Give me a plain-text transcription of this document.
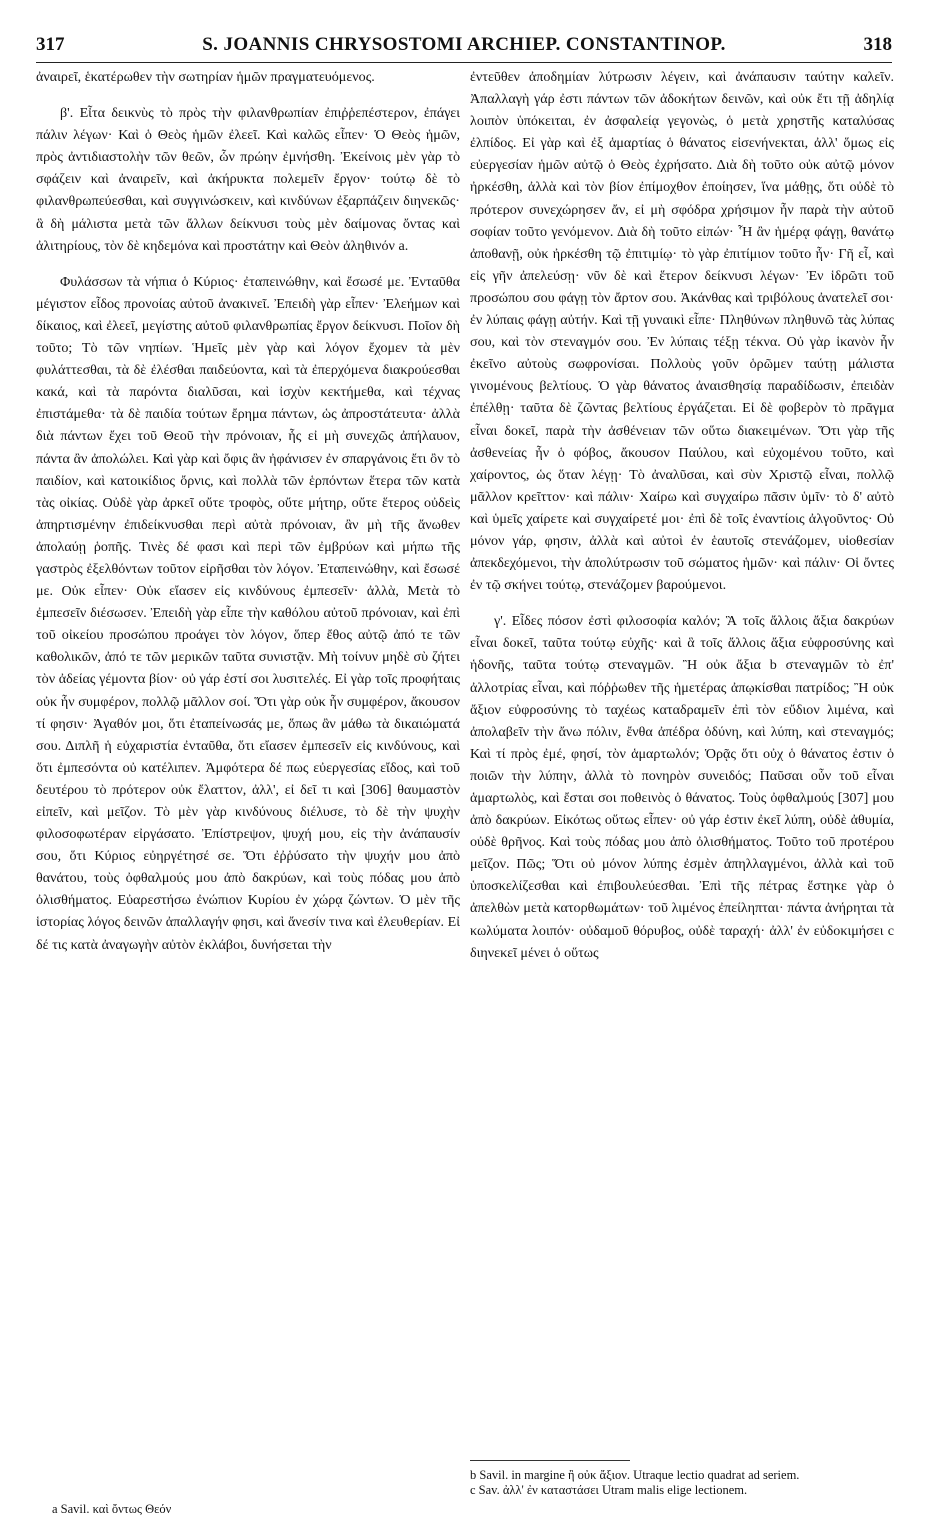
317	S. JOANNIS CHRYSOSTOMI ARCHIEP. CONSTANTINOP.	318

ἀναιρεῖ, ἑκατέρωθεν τὴν σωτηρίαν ἡμῶν πραγματευόμενος.

β'. Εἶτα δεικνὺς τὸ πρὸς τὴν φιλανθρωπίαν ἐπιῤῥεπέστερον, ἐπάγει πάλιν λέγων· Καὶ ὁ Θεὸς ἡμῶν ἐλεεῖ. Καὶ καλῶς εἶπεν· Ὁ Θεὸς ἡμῶν, πρὸς ἀντιδιαστολὴν τῶν θεῶν, ὧν πρώην ἐμνήσθη. Ἐκείνοις μὲν γὰρ τὸ σφάζειν καὶ ἀναιρεῖν, καὶ ἀκήρυκτα πολεμεῖν ἔργον· τούτῳ δὲ τὸ φιλανθρωπεύεσθαι, καὶ συγγινώσκειν, καὶ κινδύνων ἐξαρπάζειν διηνεκῶς· ἃ δὴ μάλιστα μετὰ τῶν ἄλλων δείκνυσι τοὺς μὲν δαίμονας ὄντας καὶ ἀλιτηρίους, τὸν δὲ κηδεμόνα καὶ προστάτην καὶ Θεὸν ἀληθινόν a.

Φυλάσσων τὰ νήπια ὁ Κύριος· ἐταπεινώθην, καὶ ἔσωσέ με. Ἐνταῦθα μέγιστον εἶδος προνοίας αὐτοῦ ἀνακινεῖ. Ἐπειδὴ γὰρ εἶπεν· Ἐλεήμων καὶ δίκαιος, καὶ ἐλεεῖ, μεγίστης αὐτοῦ φιλανθρωπίας ἔργον δείκνυσι. Ποῖον δὴ τοῦτο; Τὸ τῶν νηπίων. Ἡμεῖς μὲν γὰρ καὶ λόγον ἔχομεν τὰ μὲν φυλάττεσθαι, τὰ δὲ ἐλέσθαι παιδεύοντα, καὶ τὰ ἐπερχόμενα διακρούεσθαι κακά, καὶ τὰ παρόντα διαλῦσαι, καὶ ἰσχὺν κεκτήμεθα, καὶ τέχνας ἐπιστάμεθα· τὰ δὲ παιδία τούτων ἔρημα πάντων, ὡς ἀπροστάτευτα· ἀλλὰ διὰ πάντων ἔχει τοῦ Θεοῦ τὴν πρόνοιαν, ἧς εἰ μὴ συνεχῶς ἀπήλαυον, πάντα ἂν ἀπολώλει. Καὶ γὰρ καὶ ὄφις ἂν ἠφάνισεν ἐν σπαργάνοις ἔτι ὂν τὸ παιδίον, καὶ κατοικίδιος ὄρνις, καὶ πολλὰ τῶν ἑρπόντων ἕτερα τῶν κατὰ τὰς οἰκίας. Οὐδὲ γὰρ ἀρκεῖ οὔτε τροφὸς, οὔτε μήτηρ, οὔτε ἕτερος οὐδεὶς ἀπηρτισμένην ἐπιδείκνυσθαι περὶ αὐτὰ πρόνοιαν, ἂν μὴ τῆς ἄνωθεν ἀπολαύῃ ῥοπῆς. Τινὲς δέ φασι καὶ περὶ τῶν ἐμβρύων καὶ μήπω τῆς γαστρὸς ἐξελθόντων τοῦτον εἰρῆσθαι τὸν λόγον. Ἐταπεινώθην, καὶ ἔσωσέ με. Οὐκ εἶπεν· Οὐκ εἴασεν εἰς κινδύνους ἐμπεσεῖν· ἀλλὰ, Μετὰ τὸ ἐμπεσεῖν διέσωσεν. Ἐπειδὴ γὰρ εἶπε τὴν καθόλου αὐτοῦ πρόνοιαν, καὶ ἐπὶ τοῦ οἰκείου προσώπου προάγει τὸν λόγον, ὅπερ ἔθος αὐτῷ ἀπό τε τῶν καθολικῶν, ἀπό τε τῶν μερικῶν ταῦτα συνιστᾷν. Μὴ τοίνυν μηδὲ σὺ ζήτει τὸν ἀδείας γέμοντα βίον· οὐ γάρ ἐστί σοι λυσιτελές. Εἰ γὰρ τοῖς προφήταις οὐκ ἦν συμφέρον, πολλῷ μᾶλλον σοί. Ὅτι γὰρ οὐκ ἦν συμφέρον, ἄκουσον τί φησιν· Ἀγαθόν μοι, ὅτι ἐταπείνωσάς με, ὅπως ἂν μάθω τὰ δικαιώματά σου. Διπλῆ ἡ εὐχαριστία ἐνταῦθα, ὅτι εἴασεν ἐμπεσεῖν εἰς κινδύνους, καὶ ὅτι ἐμπεσόντα οὐ κατέλιπεν. Ἀμφότερα δέ πως εὐεργεσίας εἴδος, καὶ τοῦ δευτέρου τὸ πρότερον οὐκ ἔλαττον, ἀλλ', εἰ δεῖ τι καὶ [306] θαυμαστὸν εἰπεῖν, καὶ μεῖζον. Τὸ μὲν γὰρ κινδύνους διέλυσε, τὸ δὲ τὴν ψυχὴν φιλοσοφωτέραν εἰργάσατο. Ἐπίστρεψον, ψυχή μου, εἰς τὴν ἀνάπαυσίν σου, ὅτι Κύριος εὐηργέτησέ σε. Ὅτι ἐῤῥύσατο τὴν ψυχήν μου ἀπὸ θανάτου, τοὺς ὀφθαλμούς μου ἀπὸ δακρύων, καὶ τοὺς πόδας μου ἀπὸ ὀλισθήματος. Εὐαρεστήσω ἐνώπιον Κυρίου ἐν χώρᾳ ζώντων. Ὁ μὲν τῆς ἱστορίας λόγος δεινῶν ἀπαλλαγήν φησι, καὶ ἄνεσίν τινα καὶ ἐλευθερίαν. Εἰ δέ τις κατὰ ἀναγωγὴν αὐτὸν ἐκλάβοι, δυνήσεται τὴν

ἐντεῦθεν ἀποδημίαν λύτρωσιν λέγειν, καὶ ἀνάπαυσιν ταύτην καλεῖν. Ἀπαλλαγὴ γάρ ἐστι πάντων τῶν ἀδοκήτων δεινῶν, καὶ οὐκ ἔτι τῇ ἀδηλίᾳ λοιπὸν ὑπόκειται, ἐν ἀσφαλείᾳ γεγονὼς, ὁ μετὰ χρηστῆς καταλύσας ἐλπίδος. Εἰ γὰρ καὶ ἐξ ἁμαρτίας ὁ θάνατος εἰσενήνεκται, ἀλλ' ὅμως εἰς εὐεργεσίαν ἡμῶν αὐτῷ ὁ Θεὸς ἐχρήσατο. Διὰ δὴ τοῦτο οὐκ αὐτῷ μόνον ἠρκέσθη, ἀλλὰ καὶ τὸν βίον ἐπίμοχθον ἐποίησεν, ἵνα μάθῃς, ὅτι οὐδὲ τὸ πρότερον συνεχώρησεν ἄν, εἰ μὴ σφόδρα χρήσιμον ἦν παρὰ τὴν αὐτοῦ σοφίαν τοῦτο γενόμενον. Διὰ δὴ τοῦτο εἰπών· Ἧ ἂν ἡμέρᾳ φάγῃ, θανάτῳ ἀποθανῇ, οὐκ ἠρκέσθη τῷ ἐπιτιμίῳ· τὸ γὰρ ἐπιτίμιον τοῦτο ἦν· Γῆ εἶ, καὶ εἰς γῆν ἀπελεύσῃ· νῦν δὲ καὶ ἕτερον δείκνυσι λέγων· Ἐν ἱδρῶτι τοῦ προσώπου σου φάγῃ τὸν ἄρτον σου. Ἀκάνθας καὶ τριβόλους ἀνατελεῖ σοι· ἐν λύπαις φάγῃ αὐτήν. Καὶ τῇ γυναικὶ εἶπε· Πληθύνων πληθυνῶ τὰς λύπας σου, καὶ τὸν στεναγμόν σου. Ἐν λύπαις τέξῃ τέκνα. Οὐ γὰρ ἱκανὸν ἦν ἐκεῖνο αὐτοὺς σωφρονίσαι. Πολλοὺς γοῦν ὁρῶμεν ταύτῃ μάλιστα γινομένους βελτίους. Ὁ γὰρ θάνατος ἀναισθησίᾳ παραδίδωσιν, ἐπειδὰν ἐπέλθῃ· ταῦτα δὲ ζῶντας βελτίους ἐργάζεται. Εἰ δὲ φοβερὸν τὸ πρᾶγμα εἶναι δοκεῖ, παρὰ τὴν ἀσθένειαν τῶν οὕτω διακειμένων. Ὅτι γὰρ τῆς ἀσθενείας ἦν ὁ φόβος, ἄκουσον Παύλου, καὶ εὐχομένου τοῦτο, καὶ χαίροντος, ὡς ὅταν λέγῃ· Τὸ ἀναλῦσαι, καὶ σὺν Χριστῷ εἶναι, πολλῷ μᾶλλον κρεῖττον· καὶ πάλιν· Χαίρω καὶ συγχαίρω πᾶσιν ὑμῖν· τὸ δ' αὐτὸ καὶ ὑμεῖς χαίρετε καὶ συγχαίρετέ μοι· ἐπὶ δὲ τοῖς ἐναντίοις ἀλγοῦντος· Οὐ μόνον γάρ, φησιν, ἀλλὰ καὶ αὐτοὶ ἐν ἑαυτοῖς στενάζομεν, υἱοθεσίαν ἀπεκδεχόμενοι, τὴν ἀπολύτρωσιν τοῦ σώματος ἡμῶν· καὶ πάλιν· Οἱ ὄντες ἐν τῷ σκήνει τούτῳ, στενάζομεν βαρούμενοι.

γ'. Εἶδες πόσον ἐστὶ φιλοσοφία καλόν; Ἃ τοῖς ἄλλοις ἄξια δακρύων εἶναι δοκεῖ, ταῦτα τούτῳ εὐχῆς· καὶ ἃ τοῖς ἄλλοις ἄξια εὐφροσύνης καὶ ἡδονῆς, ταῦτα τούτῳ στεναγμῶν. Ἢ οὐκ ἄξια b στεναγμῶν τὸ ἐπ' ἀλλοτρίας εἶναι, καὶ πόῤῥωθεν τῆς ἡμετέρας ἀπῳκίσθαι πατρίδος; Ἢ οὐκ ἄξιον εὐφροσύνης τὸ ταχέως καταδραμεῖν ἐπὶ τὸν εὔδιον λιμένα, καὶ ἀπολαβεῖν τὴν ἄνω πόλιν, ἔνθα ἀπέδρα ὀδύνη, καὶ λύπη, καὶ στεναγμός; Καὶ τί πρὸς ἐμέ, φησί, τὸν ἁμαρτωλόν; Ὁρᾷς ὅτι οὐχ ὁ θάνατος ἐστιν ὁ ποιῶν τὴν λύπην, ἀλλὰ τὸ πονηρὸν συνειδός; Παῦσαι οὖν τοῦ εἶναι ἁμαρτωλὸς, καὶ ἔσται σοι ποθεινὸς ὁ θάνατος. Τοὺς ὀφθαλμούς [307] μου ἀπὸ δακρύων. Εἰκότως οὕτως εἶπεν· οὐ γάρ ἐστιν ἐκεῖ λύπη, οὐδὲ ἀθυμία, οὐδὲ θρῆνος. Καὶ τοὺς πόδας μου ἀπὸ ὀλισθήματος. Τοῦτο τοῦ προτέρου μεῖζον. Πῶς; Ὅτι οὐ μόνον λύπης ἐσμὲν ἀπηλλαγμένοι, ἀλλὰ καὶ τοῦ ὑποσκελίζεσθαι καὶ ἐπιβουλεύεσθαι. Ἐπὶ τῆς πέτρας ἕστηκε γὰρ ὁ ἀπελθὼν μετὰ κατορθωμάτων· τοῦ λιμένος ἐπείληπται· πάντα ἀνήρηται τὰ κωλύματα λοιπόν· οὐδαμοῦ θόρυβος, οὐδὲ ταραχή· ἀλλ' ἐν εὐδοκιμήσει c διηνεκεῖ μένει ὁ οὕτως

b Savil. in margine ἢ οὐκ ἄξιον. Utraque lectio quadrat ad seriem.
c Sav. ἀλλ' ἐν καταστάσει Utram malis elige lectionem.
a Savil. καὶ ὄντως Θεόν
